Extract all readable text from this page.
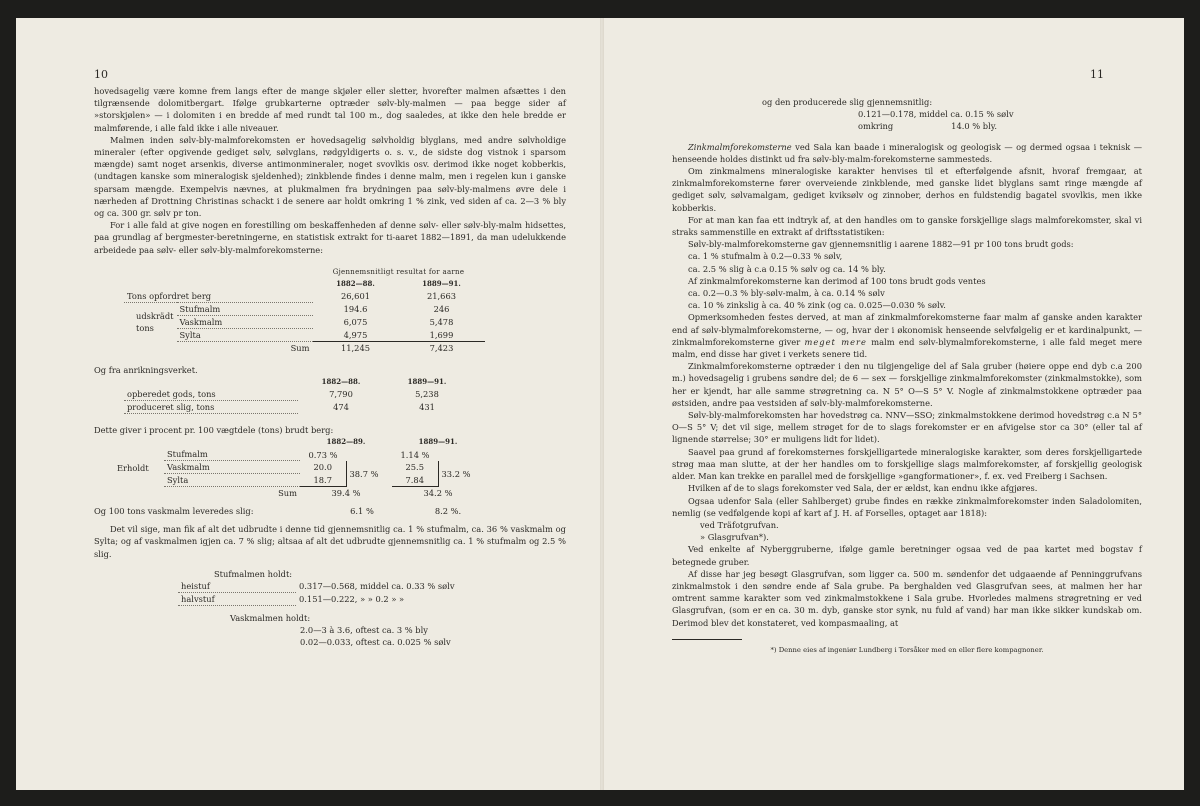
10

hovedsagelig være komne frem langs efter de mange skjøler eller sletter, hvorefter malmen afsættes i den tilgrænsende dolomitbergart. Ifølge grubkarterne optræder sølv-bly-malmen — paa begge sider af »storskjølen» — i dolomiten i en bredde af med rundt tal 100 m., dog saaledes, at ikke den hele bredde er malmførende, i alle fald ikke i alle niveauer.

Malmen inden sølv-bly-malmforekomsten er hovedsagelig sølvholdig blyglans, med andre sølvholdige mineraler (efter opgivende gediget sølv, sølvglans, rødgyldigerts o. s. v., de sidste dog vistnok i sparsom mængde) samt noget arsenkis, diverse antimonmineraler, noget svovlkis osv. derimod ikke noget kobberkis, (undtagen kanske som mineralogisk sjeldenhed); zinkblende findes i denne malm, men i regelen kun i ganske sparsam mængde. Exempelvis nævnes, at plukmalmen fra brydningen paa sølv-bly-malmens øvre dele i nærheden af Drottning Christinas schackt i de senere aar holdt omkring 1 % zink, ved siden af ca. 2—3 % bly og ca. 300 gr. sølv pr ton.

For i alle fald at give nogen en forestilling om beskaffenheden af denne sølv- eller sølv-bly-malm hidsettes, paa grundlag af bergmester-beretningerne, en statistisk extrakt for ti-aaret 1882—1891, da man udelukkende arbeidede paa sølv- eller sølv-bly-malmforekomsterne:

		Gjennemsnitligt resultat for aarne	
		1882—88.	1889—91.
Tons opfordret berg		26,601	21,663
udskrädt tons	Stufmalm	194.6	246
	Vaskmalm	6,075	5,478
	Sylta	4,975	1,699
	Sum	11,245	7,423

Og fra anrikningsverket.

	1882—88.	1889—91.
opberedet gods, tons	7,790	5,238
produceret slig, tons	474	431

Dette giver i procent pr. 100 vægtdele (tons) brudt berg:

		1882—89.		1889—91.	
Erholdt	Stufmalm	0.73 %		1.14 %	
	Vaskmalm	20.0	38.7 %	25.5	33.2 %
	Sylta	18.7		7.84	
	Sum	39.4 %		34.2 %	
Og 100 tons vaskmalm leveredes slig:	6.1 %	8.2 %.

Det vil sige, man fik af alt det udbrudte i denne tid gjennemsnitlig ca. 1 % stufmalm, ca. 36 % vaskmalm og Sylta; og af vaskmalmen igjen ca. 7 % slig; altsaa af alt det udbrudte gjennemsnitlig ca. 1 % stufmalm og 2.5 % slig.

Stufmalmen holdt:

heistuf	0.317—0.568, middel ca. 0.33 % sølv
halvstuf	0.151—0.222, » » 0.2 » »

Vaskmalmen holdt:

2.0—3 à 3.6, oftest ca. 3 % bly

0.02—0.033, oftest ca. 0.025 % sølv

11

og den producerede slig gjennemsnitlig:

0.121—0.178, middel ca. 0.15 % sølv

omkring	14.0 % bly.

Zinkmalmforekomsterne ved Sala kan baade i mineralogisk og geologisk — og dermed ogsaa i teknisk — henseende holdes distinkt ud fra sølv-bly-malm-forekomsterne sammesteds.

Om zinkmalmens mineralogiske karakter henvises til et efterfølgende afsnit, hvoraf fremgaar, at zinkmalmforekomsterne fører overveiende zinkblende, med ganske lidet blyglans samt ringe mængde af gediget sølv, sølvamalgam, gediget kviksølv og zinnober, derhos en fuldstendig bagatel svovlkis, men ikke kobberkis.

For at man kan faa ett indtryk af, at den handles om to ganske forskjellige slags malmforekomster, skal vi straks sammenstille en extrakt af driftsstatistiken:

Sølv-bly-malmforekomsterne gav gjennemsnitlig i aarene 1882—91 pr 100 tons brudt gods:

ca. 1 % stufmalm à 0.2—0.33 % sølv,

ca. 2.5 % slig à c.a 0.15 % sølv og ca. 14 % bly.

Af zinkmalmforekomsterne kan derimod af 100 tons brudt gods ventes

ca. 0.2—0.3 % bly-sølv-malm, à ca. 0.14 % sølv

ca. 10 % zinkslig à ca. 40 % zink (og ca. 0.025—0.030 % sølv.

Opmerksomheden festes derved, at man af zinkmalmforekomsterne faar malm af ganske anden karakter end af sølv-blymalmforekomsterne, — og, hvar der i økonomisk henseende selvfølgelig er et kardinalpunkt, — zinkmalmforekomsterne giver meget mere malm end sølv-blymalmforekomsterne, i alle fald meget mere malm, end disse har givet i verkets senere tid.

Zinkmalmforekomsterne optræder i den nu tilgjengelige del af Sala gruber (høiere oppe end dyb c.a 200 m.) hovedsagelig i grubens søndre del; de 6 — sex — forskjellige zinkmalmforekomster (zinkmalmstokke), som her er kjendt, har alle samme strøgretning ca. N 5° O—S 5° V. Nogle af zinkmalmstokkene optræder paa østsiden, andre paa vestsiden af sølv-bly-malmforekomsterne.

Sølv-bly-malmforekomsten har hovedstrøg ca. NNV—SSO; zinkmalmstokkene derimod hovedstrøg c.a N 5° O—S 5° V; det vil sige, mellem strøget for de to slags forekomster er en afvigelse stor ca 30° (eller tal af lignende størrelse; 30° er muligens lidt for lidet).

Saavel paa grund af forekomsternes forskjelligartede mineralogiske karakter, som deres forskjelligartede strøg maa man slutte, at der her handles om to forskjellige slags malmforekomster, af forskjellig geologisk alder. Man kan trekke en parallel med de forskjellige »gangformationer», f. ex. ved Freiberg i Sachsen.

Hvilken af de to slags forekomster ved Sala, der er ældst, kan endnu ikke afgjøres.

Ogsaa udenfor Sala (eller Sahlberget) grube findes en række zinkmalmforekomster inden Saladolomiten, nemlig (se vedfølgende kopi af kart af J. H. af Forselles, optaget aar 1818):

ved Träfotgrufvan.

» Glasgrufvan*).

Ved enkelte af Nyberggruberne, ifølge gamle beretninger ogsaa ved de paa kartet med bogstav f betegnede gruber.

Af disse har jeg besøgt Glasgrufvan, som ligger ca. 500 m. søndenfor det udgaaende af Penninggrufvans zinkmalmstok i den søndre ende af Sala grube. Pa berghalden ved Glasgrufvan sees, at malmen her har omtrent samme karakter som ved zinkmalmstokkene i Sala grube. Hvorledes malmens strøgretning er ved Glasgrufvan, (som er en ca. 30 m. dyb, ganske stor synk, nu fuld af vand) har man ikke sikker kundskab om. Derimod blev det konstateret, ved kompasmaaling, at

*) Denne eies af ingeniør Lundberg i Torsåker med en eller flere kompagnoner.
